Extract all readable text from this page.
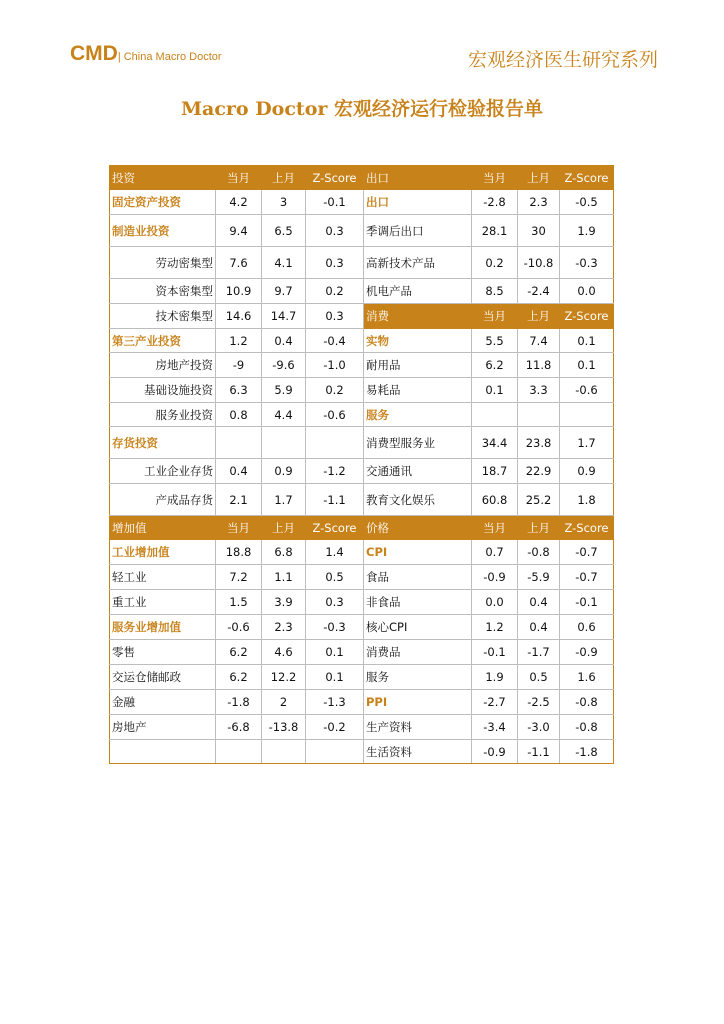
CMD| China Macro Doctor	宏观经济医生研究系列
Macro Doctor 宏观经济运行检验报告单
投资	当月	上月	Z-Score	出口	当月	上月	Z-Score
固定资产投资	4.2	3	-0.1	出口	-2.8	2.3	-0.5
制造业投资	9.4	6.5	0.3	季调后出口	28.1	30	1.9
劳动密集型	7.6	4.1	0.3	高新技术产品	0.2	-10.8	-0.3
资本密集型	10.9	9.7	0.2	机电产品	8.5	-2.4	0.0
技术密集型	14.6	14.7	0.3	消费	当月	上月	Z-Score
第三产业投资	1.2	0.4	-0.4	实物	5.5	7.4	0.1
房地产投资	-9	-9.6	-1.0	耐用品	6.2	11.8	0.1
基础设施投资	6.3	5.9	0.2	易耗品	0.1	3.3	-0.6
服务业投资	0.8	4.4	-0.6	服务			
存货投资				消费型服务业	34.4	23.8	1.7
工业企业存货	0.4	0.9	-1.2	交通通讯	18.7	22.9	0.9
产成品存货	2.1	1.7	-1.1	教育文化娱乐	60.8	25.2	1.8
增加值	当月	上月	Z-Score	价格	当月	上月	Z-Score
工业增加值	18.8	6.8	1.4	CPI	0.7	-0.8	-0.7
轻工业	7.2	1.1	0.5	食品	-0.9	-5.9	-0.7
重工业	1.5	3.9	0.3	非食品	0.0	0.4	-0.1
服务业增加值	-0.6	2.3	-0.3	核心CPI	1.2	0.4	0.6
零售	6.2	4.6	0.1	消费品	-0.1	-1.7	-0.9
交运仓储邮政	6.2	12.2	0.1	服务	1.9	0.5	1.6
金融	-1.8	2	-1.3	PPI	-2.7	-2.5	-0.8
房地产	-6.8	-13.8	-0.2	生产资料	-3.4	-3.0	-0.8
				生活资料	-0.9	-1.1	-1.8
